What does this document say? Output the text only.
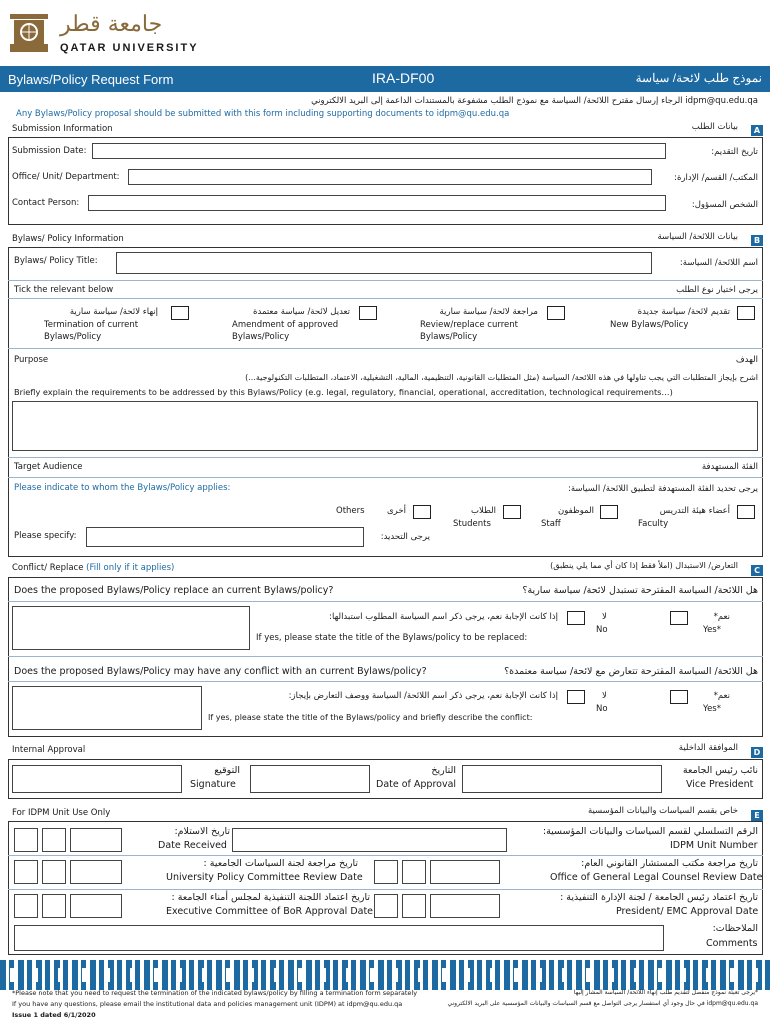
جامعة قطر
QATAR UNIVERSITY
Bylaws/Policy Request Form	IRA-DF00	نموذج طلب لائحة/ سياسة
idpm@qu.edu.qa الرجاء إرسال مقترح اللائحة/ السياسة مع نموذج الطلب مشفوعة بالمستندات الداعمة إلى البريد الالكتروني
Any Bylaws/Policy proposal should be submitted with this form including supporting documents to idpm@qu.edu.qa
Submission Information	بيانات الطلب	A
Submission Date:	تاريخ التقديم:
Office/ Unit/ Department:	المكتب/ القسم/ الإدارة:
Contact Person:	الشخص المسؤول:
Bylaws/ Policy Information	بيانات اللائحة/ السياسة	B
Bylaws/ Policy Title:	اسم اللائحة/ السياسة:
Tick the relevant below	يرجى اختيار نوع الطلب
تقديم لائحة/ سياسة جديدة
New Bylaws/Policy
مراجعة لائحة/ سياسة سارية
Review/replace current
Bylaws/Policy
تعديل لائحة/ سياسة معتمدة
Amendment of approved
Bylaws/Policy
إنهاء لائحة/ سياسة سارية
Termination of current
Bylaws/Policy
Purpose	الهدف
اشرح بإيجاز المتطلبات التي يجب تناولها في هذه اللائحة/ السياسة (مثل المتطلبات القانونية، التنظيمية، المالية، التشغيلية، الاعتماد، المتطلبات التكنولوجية...)
Briefly explain the requirements to be addressed by this Bylaws/Policy (e.g. legal, regulatory, financial, operational, accreditation, technological requirements…)
Target Audience	الفئة المستهدفة
Please indicate to whom the Bylaws/Policy applies:	يرجى تحديد الفئة المستهدفة لتطبيق اللائحة/ السياسة:
أعضاء هيئة التدريس
Faculty
الموظفون
Staff
الطلاب
Students
أخرى
Others
Please specify:	يرجى التحديد:
Conflict/ Replace (Fill only if it applies)	التعارض/ الاستبدال (املأ فقط إذا كان أي مما يلي ينطبق)
C
Does the proposed Bylaws/Policy replace an current Bylaws/policy?	هل اللائحة/ السياسة المقترحة تستبدل لائحة/ سياسة سارية؟
إذا كانت الإجابة نعم، يرجى ذكر اسم السياسة المطلوب استبدالها:
If yes, please state the title of the Bylaws/policy to be replaced:
لا
No
نعم*
Yes*
Does the proposed Bylaws/Policy may have any conflict with an current Bylaws/policy?	هل اللائحة/ السياسة المقترحة تتعارض مع لائحة/ سياسة معتمدة؟
إذا كانت الإجابة نعم، يرجى ذكر اسم اللائحة/ السياسة ووصف التعارض بإيجاز:
If yes, please state the title of the Bylaws/policy and briefly describe the conflict:
لا
No
نعم*
Yes*
Internal Approval	الموافقة الداخلية	D
التوقيع
Signature
التاريخ
Date of Approval
نائب رئيس الجامعة
Vice President
For IDPM Unit Use Only	خاص بقسم السياسات والبيانات المؤسسية	E
تاريخ الاستلام:
Date Received
الرقم التسلسلي لقسم السياسات والبيانات المؤسسية:
IDPM Unit Number
تاريخ مراجعة لجنة السياسات الجامعية :
University Policy Committee Review Date
تاريخ مراجعة مكتب المستشار القانوني العام:
Office of General Legal Counsel Review Date
تاريخ اعتماد اللجنة التنفيذية لمجلس أمناء الجامعة :
Executive Committee of BoR Approval Date
تاريخ اعتماد رئيس الجامعة / لجنة الإدارة التنفيذية :
President/ EMC Approval Date
الملاحظات:
Comments
*Please note that you need to request the termination of the indicated bylaws/policy by filling a termination form separately
If you have any questions, please email the institutional data and policies management unit (IDPM) at idpm@qu.edu.qa
Issue 1 dated 6/1/2020
*يرجى تعبئة نموذج منفصل لتقديم طلب إنهاء اللائحة/ السياسة المشار إليها
idpm@qu.edu.qa في حال وجود أي استفسار يرجى التواصل مع قسم السياسات والبيانات المؤسسية على البريد الالكتروني
